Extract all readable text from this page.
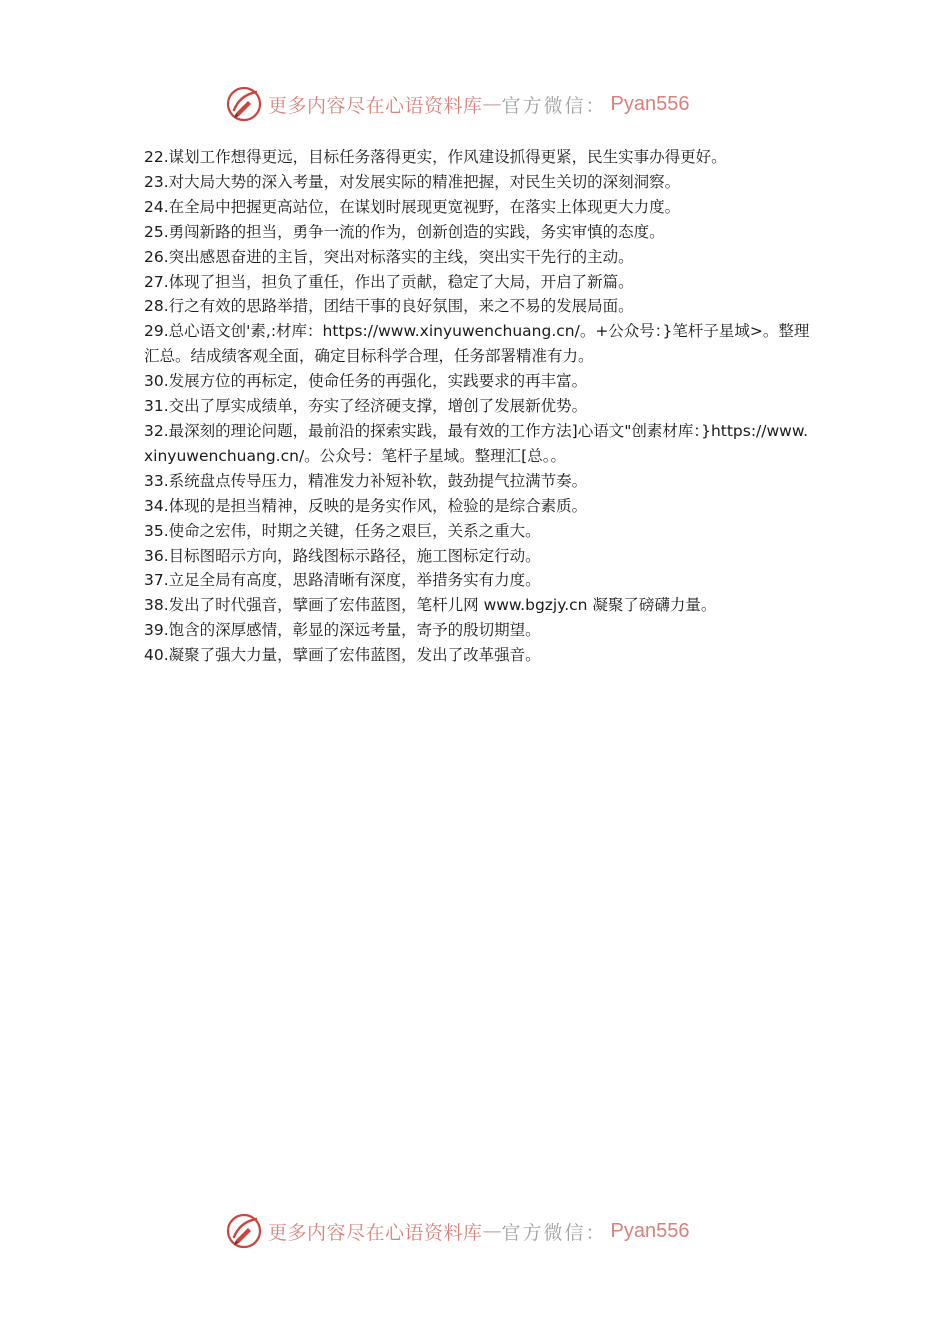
更多内容尽在心语资料库 — 官方微信： Pyan556

22.谋划工作想得更远，目标任务落得更实，作风建设抓得更紧，民生实事办得更好。

23.对大局大势的深入考量，对发展实际的精准把握，对民生关切的深刻洞察。

24.在全局中把握更高站位，在谋划时展现更宽视野，在落实上体现更大力度。

25.勇闯新路的担当，勇争一流的作为，创新创造的实践，务实审慎的态度。

26.突出感恩奋进的主旨，突出对标落实的主线，突出实干先行的主动。

27.体现了担当，担负了重任，作出了贡献，稳定了大局，开启了新篇。

28.行之有效的思路举措，团结干事的良好氛围，来之不易的发展局面。

29.总心语文创'素,:材库：https://www.xinyuwenchuang.cn/。+公众号：}笔杆子星域>。整理汇总。结成绩客观全面，确定目标科学合理，任务部署精准有力。

30.发展方位的再标定，使命任务的再强化，实践要求的再丰富。

31.交出了厚实成绩单，夯实了经济硬支撑，增创了发展新优势。

32.最深刻的理论问题，最前沿的探索实践，最有效的工作方法]心语文"创素材库：}https://www.xinyuwenchuang.cn/。公众号：笔杆子星域。整理汇[总。。

33.系统盘点传导压力，精准发力补短补软，鼓劲提气拉满节奏。

34.体现的是担当精神，反映的是务实作风，检验的是综合素质。

35.使命之宏伟，时期之关键，任务之艰巨，关系之重大。

36.目标图昭示方向，路线图标示路径，施工图标定行动。

37.立足全局有高度，思路清晰有深度，举措务实有力度。

38.发出了时代强音，擘画了宏伟蓝图，笔杆儿网 www.bgzjy.cn 凝聚了磅礴力量。

39.饱含的深厚感情，彰显的深远考量，寄予的殷切期望。

40.凝聚了强大力量，擘画了宏伟蓝图，发出了改革强音。

更多内容尽在心语资料库 — 官方微信： Pyan556
